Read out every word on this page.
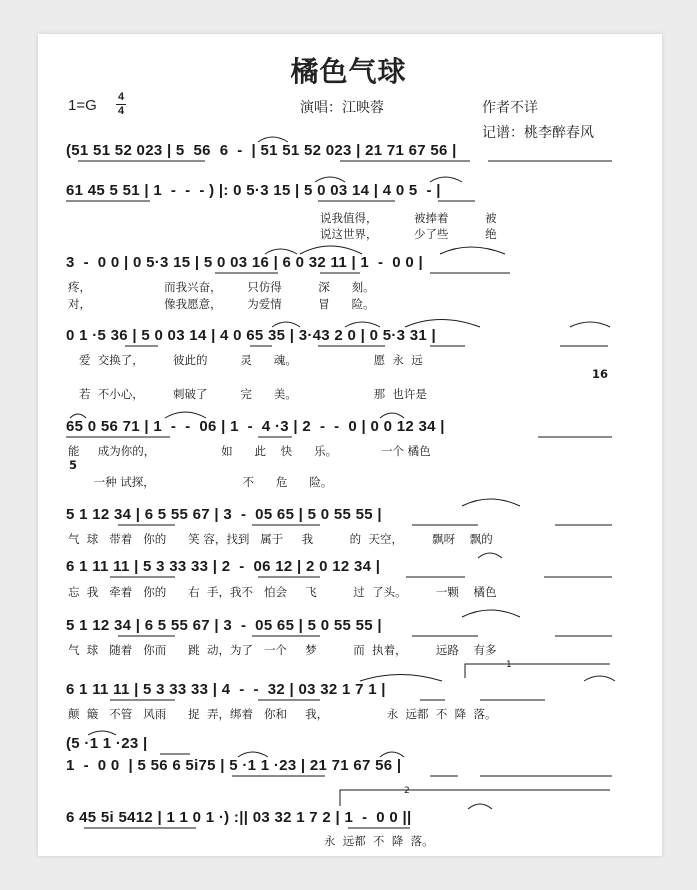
橘色气球
1=G 4
4	演唱：江映蓉	作者不详
记谱：桃李醉春风
(51 51 52 023 | 5  56  6  -  | 51 51 52 023 | 21 71 67 56 |
61 45 5 51 | 1  -  -  - ) |: 0 5·3 15 | 5 0 03 14 | 4 0 5  - |
说我值得，          被捧着          被
说这世界，          少了些          绝
3  -  0 0 | 0 5·3 15 | 5 0 03 16 | 6 0 32 11 | 1  -  0 0 |
疼，                    而我兴奋，       只仿得          深      刻。
对，                    像我愿意，       为爱情          冒      险。
0 1 ·5 36 | 5 0 03 14 | 4 0 65 35 | 3·43 2 0 | 0 5·3 31 |
爱  交换了，        彼此的         灵      魂。                     愿  永  远
若  不小心，        刺破了         完      美。                     那  也许是
16
65 0 56 71 | 1  -  -  06 | 1  -  4 ·3 | 2  -  -  0 | 0 0 12 34 |
能     成为你的，                  如      此    快      乐。            一个 橘色
5
一种 试探，                        不      危      险。
5 1 12 34 | 6 5 55 67 | 3  -  05 65 | 5 0 55 55 |
气  球   带着   你的      笑 容，找到   属于     我          的  天空，        飘呀    飘的
6 1 11 11 | 5 3 33 33 | 2  -  06 12 | 2 0 12 34 |
忘  我   牵着   你的      右  手，我不   怕会     飞          过  了头。        一颗    橘色
5 1 12 34 | 6 5 55 67 | 3  -  05 65 | 5 0 55 55 |
气  球   随着   你而      跳  动，为了   一个     梦          而  执着，        远路    有多
6 1 11 11 | 5 3 33 33 | 4  -  -  32 | 03 32 1 7 1 |
颠  簸   不管   风雨      捉  弄，绑着   你和     我，                永  远都  不  降  落。
(5 ·1 1 ·23 |
1  -  0 0  | 5 56 6 5i75 | 5 ·1 1 ·23 | 21 71 67 56 |
6 45 5i 5412 | 1 1 0 1 ·) :|| 03 32 1 7 2 | 1  -  0 0 ||
永  远都  不  降  落。
1
2
